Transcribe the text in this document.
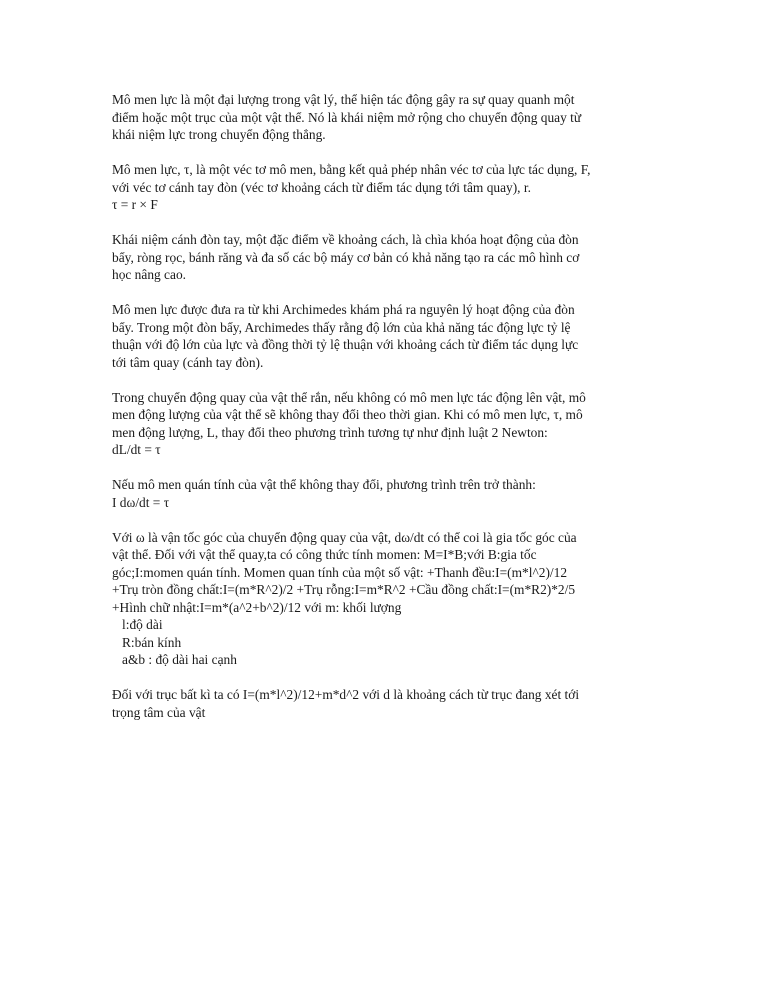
Mô men lực là một đại lượng trong vật lý, thể hiện tác động gây ra sự quay quanh một
điểm hoặc một trục của một vật thể. Nó là khái niệm mở rộng cho chuyển động quay từ
khái niệm lực trong chuyển động thẳng.
Mô men lực, τ, là một véc tơ mô men, bằng kết quả phép nhân véc tơ của lực tác dụng, F,
với véc tơ cánh tay đòn (véc tơ khoảng cách từ điểm tác dụng tới tâm quay), r.
τ = r × F
Khái niệm cánh đòn tay, một đặc điểm về khoảng cách, là chìa khóa hoạt động của đòn
bẩy, ròng rọc, bánh răng và đa số các bộ máy cơ bản có khả năng tạo ra các mô hình cơ
học nâng cao.
Mô men lực được đưa ra từ khi Archimedes khám phá ra nguyên lý hoạt động của đòn
bẩy. Trong một đòn bẩy, Archimedes thấy rằng độ lớn của khả năng tác động lực tỷ lệ
thuận với độ lớn của lực và đồng thời tỷ lệ thuận với khoảng cách từ điểm tác dụng lực
tới tâm quay (cánh tay đòn).
Trong chuyển động quay của vật thể rắn, nếu không có mô men lực tác động lên vật, mô
men động lượng của vật thể sẽ không thay đổi theo thời gian. Khi có mô men lực, τ, mô
men động lượng, L, thay đổi theo phương trình tương tự như định luật 2 Newton:
dL/dt = τ
Nếu mô men quán tính của vật thể không thay đổi, phương trình trên trở thành:
I dω/dt = τ
Với ω là vận tốc góc của chuyển động quay của vật, dω/dt có thể coi là gia tốc góc của
vật thể. Đối với vật thể quay,ta có công thức tính momen: M=I*B;với B:gia tốc
góc;I:momen quán tính. Momen quan tính của một số vật: +Thanh đều:I=(m*l^2)/12
+Trụ tròn đồng chất:I=(m*R^2)/2 +Trụ rỗng:I=m*R^2 +Cầu đồng chất:I=(m*R2)*2/5
+Hình chữ nhật:I=m*(a^2+b^2)/12 với m: khối lượng
l:độ dài
R:bán kính
a&b : độ dài hai cạnh
Đối với trục bất kì ta có I=(m*l^2)/12+m*d^2 với d là khoảng cách từ trục đang xét tới
trọng tâm của vật
